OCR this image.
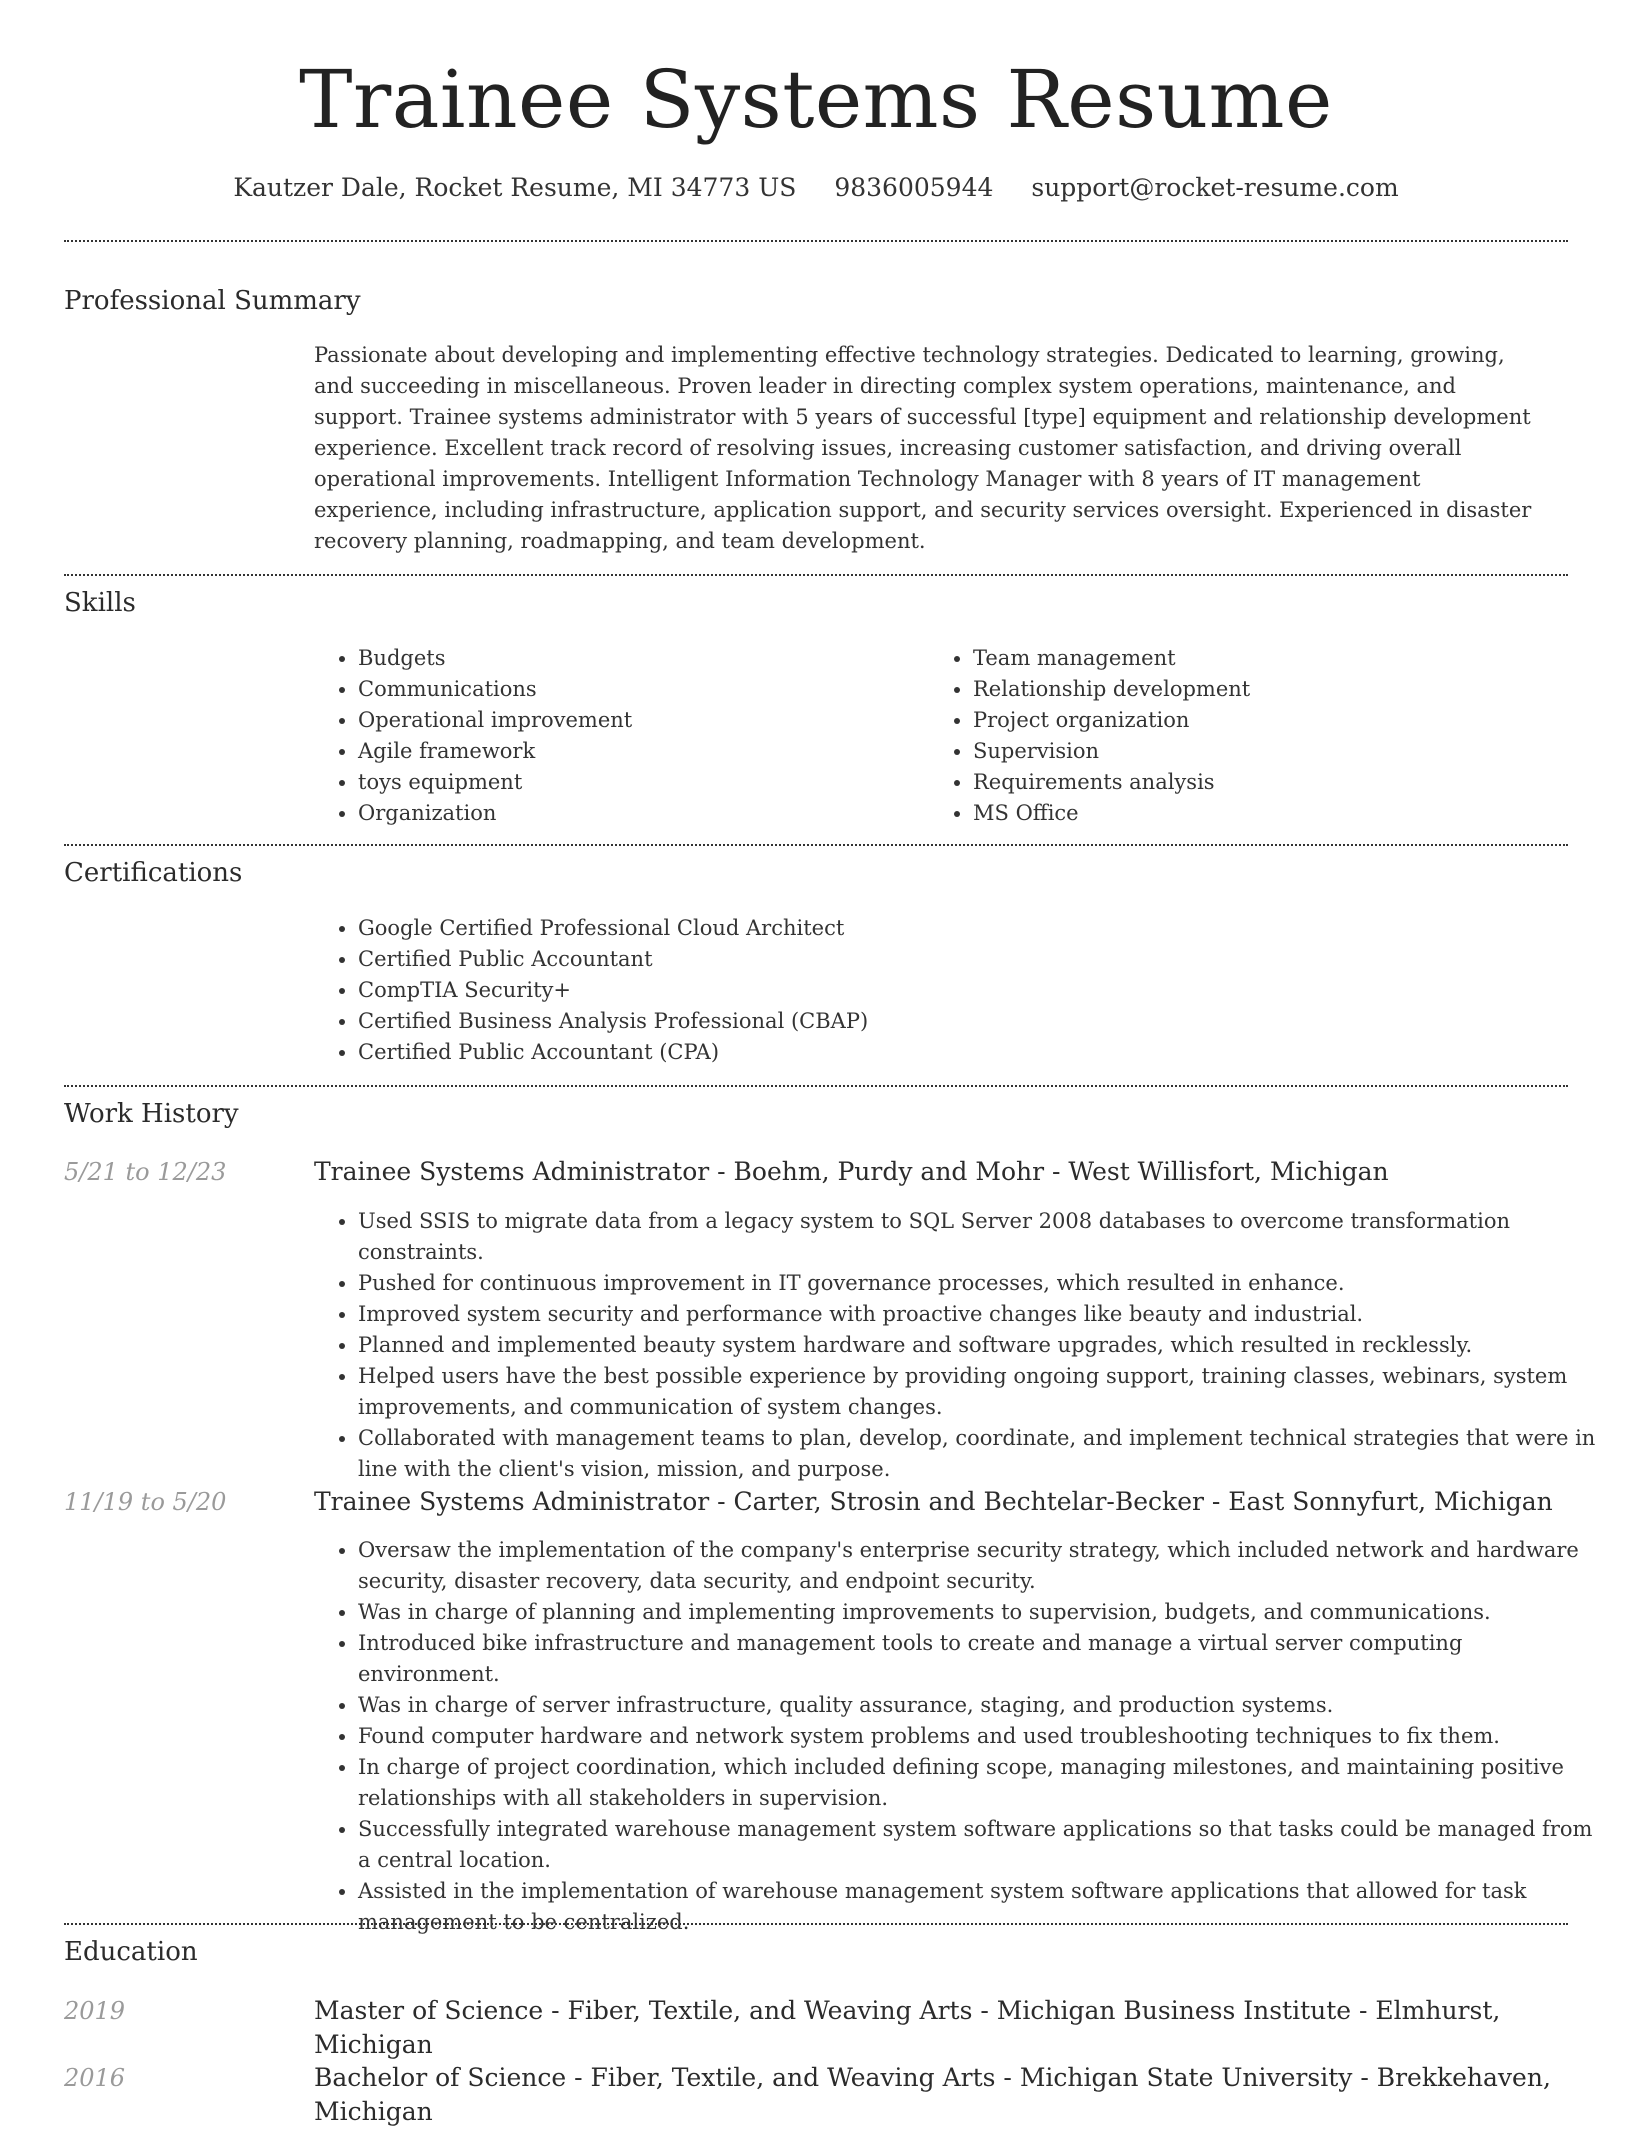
Trainee Systems Resume
Kautzer Dale, Rocket Resume, MI 34773 US 9836005944 support@rocket-resume.com
Professional Summary

Passionate about developing and implementing effective technology strategies. Dedicated to learning, growing, and succeeding in miscellaneous. Proven leader in directing complex system operations, maintenance, and support. Trainee systems administrator with 5 years of successful [type] equipment and relationship development experience. Excellent track record of resolving issues, increasing customer satisfaction, and driving overall operational improvements. Intelligent Information Technology Manager with 8 years of IT management experience, including infrastructure, application support, and security services oversight. Experienced in disaster recovery planning, roadmapping, and team development.

Skills
• Budgets
• Communications
• Operational improvement
• Agile framework
• toys equipment
• Organization
• Team management
• Relationship development
• Project organization
• Supervision
• Requirements analysis
• MS Office
Certifications
• Google Certified Professional Cloud Architect
• Certified Public Accountant
• CompTIA Security+
• Certified Business Analysis Professional (CBAP)
• Certified Public Accountant (CPA)
Work History
5/21 to 12/23	Trainee Systems Administrator - Boehm, Purdy and Mohr - West Willisfort, Michigan
• Used SSIS to migrate data from a legacy system to SQL Server 2008 databases to overcome transformation constraints.
• Pushed for continuous improvement in IT governance processes, which resulted in enhance.
• Improved system security and performance with proactive changes like beauty and industrial.
• Planned and implemented beauty system hardware and software upgrades, which resulted in recklessly.
• Helped users have the best possible experience by providing ongoing support, training classes, webinars, system improvements, and communication of system changes.
• Collaborated with management teams to plan, develop, coordinate, and implement technical strategies that were in line with the client's vision, mission, and purpose.
11/19 to 5/20	Trainee Systems Administrator - Carter, Strosin and Bechtelar-Becker - East Sonnyfurt, Michigan
• Oversaw the implementation of the company's enterprise security strategy, which included network and hardware security, disaster recovery, data security, and endpoint security.
• Was in charge of planning and implementing improvements to supervision, budgets, and communications.
• Introduced bike infrastructure and management tools to create and manage a virtual server computing environment.
• Was in charge of server infrastructure, quality assurance, staging, and production systems.
• Found computer hardware and network system problems and used troubleshooting techniques to fix them.
• In charge of project coordination, which included defining scope, managing milestones, and maintaining positive relationships with all stakeholders in supervision.
• Successfully integrated warehouse management system software applications so that tasks could be managed from a central location.
• Assisted in the implementation of warehouse management system software applications that allowed for task management to be centralized.
Education
2019	Master of Science - Fiber, Textile, and Weaving Arts - Michigan Business Institute - Elmhurst, Michigan
2016	Bachelor of Science - Fiber, Textile, and Weaving Arts - Michigan State University - Brekkehaven, Michigan
